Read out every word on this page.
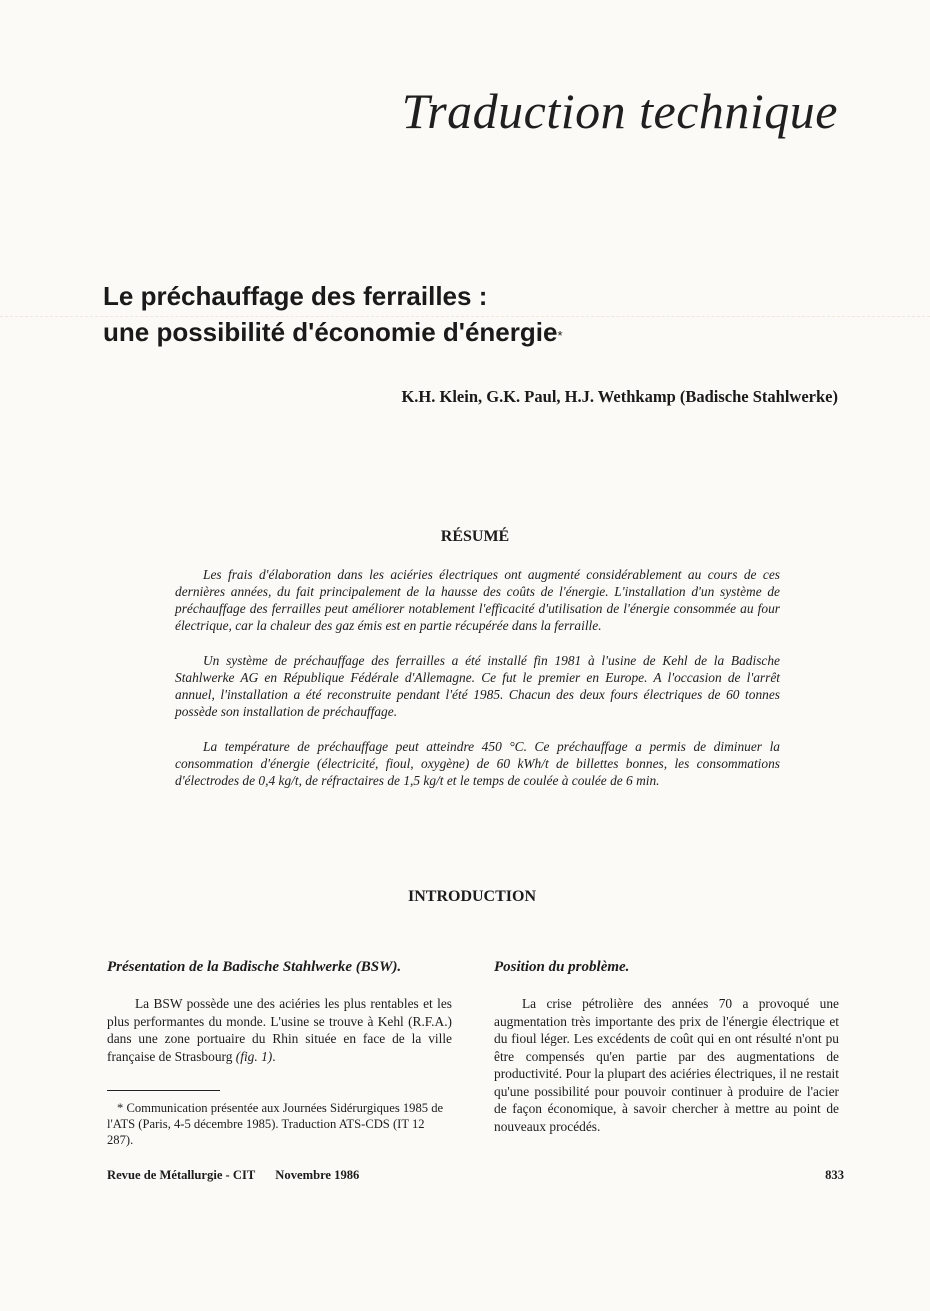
Traduction technique
Le préchauffage des ferrailles :
une possibilité d'économie d'énergie*
K.H. Klein, G.K. Paul, H.J. Wethkamp (Badische Stahlwerke)
RÉSUMÉ

Les frais d'élaboration dans les aciéries électriques ont augmenté considérablement au cours de ces dernières années, du fait principalement de la hausse des coûts de l'énergie. L'installation d'un système de préchauffage des ferrailles peut améliorer notablement l'efficacité d'utilisation de l'énergie consommée au four électrique, car la chaleur des gaz émis est en partie récupérée dans la ferraille.

Un système de préchauffage des ferrailles a été installé fin 1981 à l'usine de Kehl de la Badische Stahlwerke AG en République Fédérale d'Allemagne. Ce fut le premier en Europe. A l'occasion de l'arrêt annuel, l'installation a été reconstruite pendant l'été 1985. Chacun des deux fours électriques de 60 tonnes possède son installation de préchauffage.

La température de préchauffage peut atteindre 450 °C. Ce préchauffage a permis de diminuer la consommation d'énergie (électricité, fioul, oxygène) de 60 kWh/t de billettes bonnes, les consommations d'électrodes de 0,4 kg/t, de réfractaires de 1,5 kg/t et le temps de coulée à coulée de 6 min.

INTRODUCTION
Présentation de la Badische Stahlwerke (BSW).	Position du problème.

La BSW possède une des aciéries les plus rentables et les plus performantes du monde. L'usine se trouve à Kehl (R.F.A.) dans une zone portuaire du Rhin située en face de la ville française de Strasbourg (fig. 1).

La crise pétrolière des années 70 a provoqué une augmentation très importante des prix de l'énergie électrique et du fioul léger. Les excédents de coût qui en ont résulté n'ont pu être compensés qu'en partie par des augmentations de productivité. Pour la plupart des aciéries électriques, il ne restait qu'une possibilité pour pouvoir continuer à produire de l'acier de façon économique, à savoir chercher à mettre au point de nouveaux procédés.

* Communication présentée aux Journées Sidérurgiques 1985 de l'ATS (Paris, 4-5 décembre 1985). Traduction ATS-CDS (IT 12 287).

Revue de Métallurgie - CIT Novembre 1986	833
